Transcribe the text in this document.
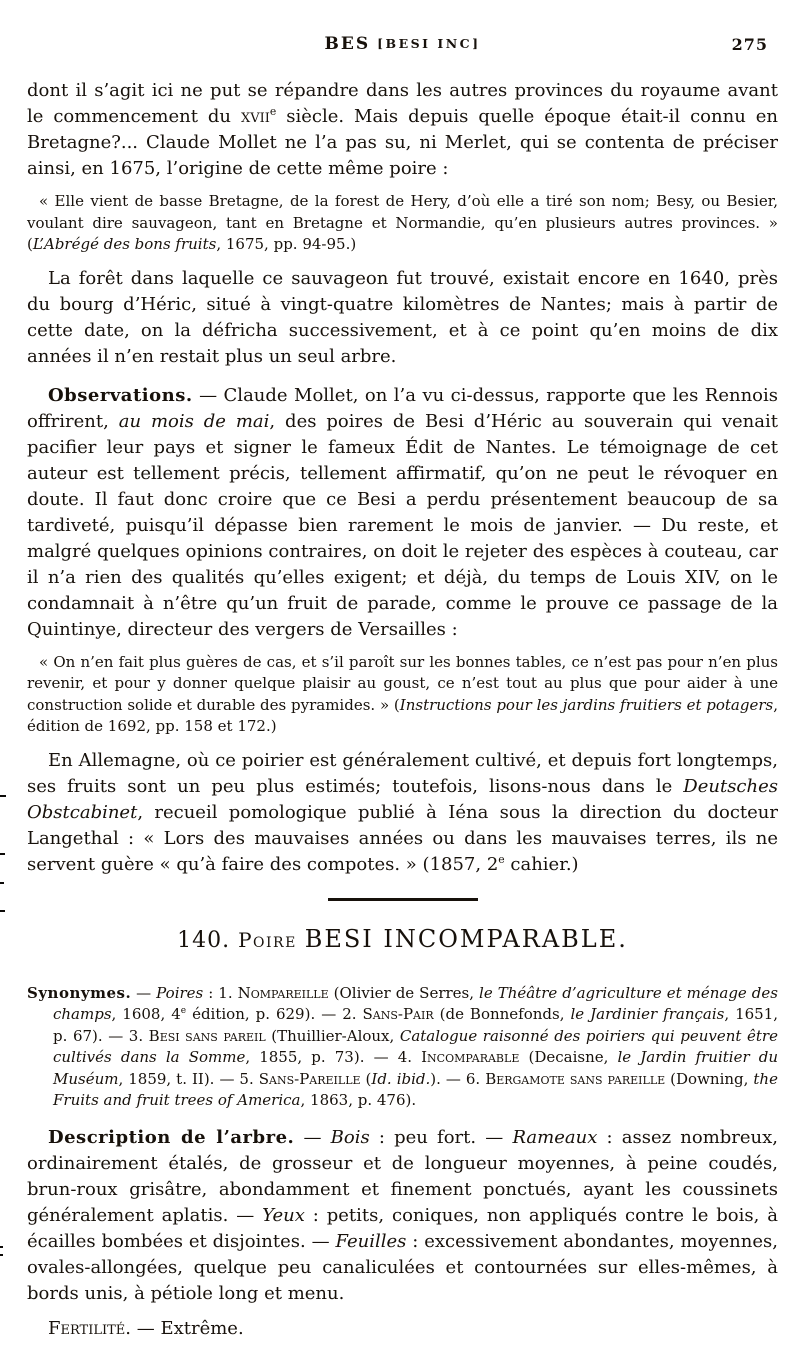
BES [BESI INC]	275

dont il s’agit ici ne put se répandre dans les autres provinces du royaume avant le commencement du xvii$^e$ siècle. Mais depuis quelle époque était-il connu en Bretagne?... Claude Mollet ne l’a pas su, ni Merlet, qui se contenta de préciser ainsi, en 1675, l’origine de cette même poire :

« Elle vient de basse Bretagne, de la forest de Hery, d’où elle a tiré son nom; Besy, ou Besier, voulant dire sauvageon, tant en Bretagne et Normandie, qu’en plusieurs autres provinces. » (L’Abrégé des bons fruits, 1675, pp. 94-95.)

La forêt dans laquelle ce sauvageon fut trouvé, existait encore en 1640, près du bourg d’Héric, situé à vingt-quatre kilomètres de Nantes; mais à partir de cette date, on la défricha successivement, et à ce point qu’en moins de dix années il n’en restait plus un seul arbre.

Observations. — Claude Mollet, on l’a vu ci-dessus, rapporte que les Rennois offrirent, au mois de mai, des poires de Besi d’Héric au souverain qui venait pacifier leur pays et signer le fameux Édit de Nantes. Le témoignage de cet auteur est tellement précis, tellement affirmatif, qu’on ne peut le révoquer en doute. Il faut donc croire que ce Besi a perdu présentement beaucoup de sa tardiveté, puisqu’il dépasse bien rarement le mois de janvier. — Du reste, et malgré quelques opinions contraires, on doit le rejeter des espèces à couteau, car il n’a rien des qualités qu’elles exigent; et déjà, du temps de Louis XIV, on le condamnait à n’être qu’un fruit de parade, comme le prouve ce passage de la Quintinye, directeur des vergers de Versailles :

« On n’en fait plus guères de cas, et s’il paroît sur les bonnes tables, ce n’est pas pour n’en plus revenir, et pour y donner quelque plaisir au goust, ce n’est tout au plus que pour aider à une construction solide et durable des pyramides. » (Instructions pour les jardins fruitiers et potagers, édition de 1692, pp. 158 et 172.)

En Allemagne, où ce poirier est généralement cultivé, et depuis fort longtemps, ses fruits sont un peu plus estimés; toutefois, lisons-nous dans le Deutsches Obstcabinet, recueil pomologique publié à Iéna sous la direction du docteur Langethal : « Lors des mauvaises années ou dans les mauvaises terres, ils ne servent guère « qu’à faire des compotes. » (1857, 2e cahier.)

140. Poire BESI INCOMPARABLE.

Synonymes. — Poires : 1. Nompareille (Olivier de Serres, le Théâtre d’agriculture et ménage des champs, 1608, 4e édition, p. 629). — 2. Sans-Pair (de Bonnefonds, le Jardinier français, 1651, p. 67). — 3. Besi sans pareil (Thuillier-Aloux, Catalogue raisonné des poiriers qui peuvent être cultivés dans la Somme, 1855, p. 73). — 4. Incomparable (Decaisne, le Jardin fruitier du Muséum, 1859, t. II). — 5. Sans-Pareille (Id. ibid.). — 6. Bergamote sans pareille (Downing, the Fruits and fruit trees of America, 1863, p. 476).

Description de l’arbre. — Bois : peu fort. — Rameaux : assez nombreux, ordinairement étalés, de grosseur et de longueur moyennes, à peine coudés, brun-roux grisâtre, abondamment et finement ponctués, ayant les coussinets généralement aplatis. — Yeux : petits, coniques, non appliqués contre le bois, à écailles bombées et disjointes. — Feuilles : excessivement abondantes, moyennes, ovales-allongées, quelque peu canaliculées et contournées sur elles-mêmes, à bords unis, à pétiole long et menu.

Fertilité. — Extrême.
